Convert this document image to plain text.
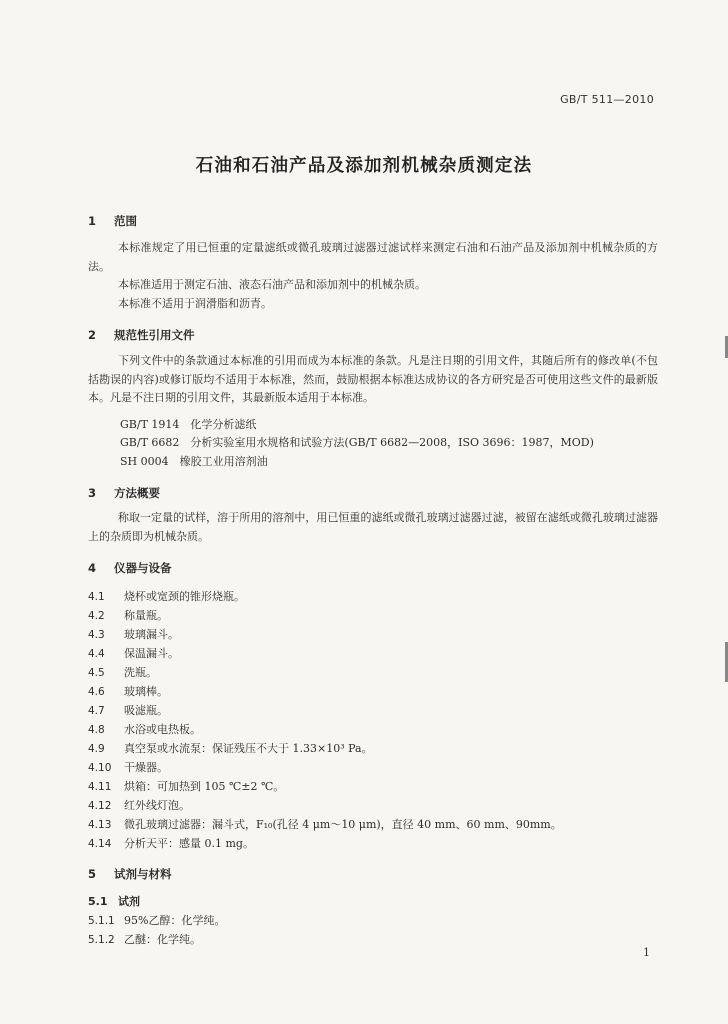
GB/T 511—2010
石油和石油产品及添加剂机械杂质测定法
1 范围
本标准规定了用已恒重的定量滤纸或微孔玻璃过滤器过滤试样来测定石油和石油产品及添加剂中机械杂质的方法。
本标准适用于测定石油、液态石油产品和添加剂中的机械杂质。
本标准不适用于润滑脂和沥青。
2 规范性引用文件
下列文件中的条款通过本标准的引用而成为本标准的条款。凡是注日期的引用文件，其随后所有的修改单(不包括勘误的内容)或修订版均不适用于本标准，然而，鼓励根据本标准达成协议的各方研究是否可使用这些文件的最新版本。凡是不注日期的引用文件，其最新版本适用于本标准。
GB/T 1914　化学分析滤纸
GB/T 6682　分析实验室用水规格和试验方法(GB/T 6682—2008，ISO 3696：1987，MOD)
SH 0004　橡胶工业用溶剂油
3 方法概要
称取一定量的试样，溶于所用的溶剂中，用已恒重的滤纸或微孔玻璃过滤器过滤，被留在滤纸或微孔玻璃过滤器上的杂质即为机械杂质。
4 仪器与设备
4.1 烧杯或宽颈的锥形烧瓶。
4.2 称量瓶。
4.3 玻璃漏斗。
4.4 保温漏斗。
4.5 洗瓶。
4.6 玻璃棒。
4.7 吸滤瓶。
4.8 水浴或电热板。
4.9 真空泵或水流泵：保证残压不大于 1.33×10³ Pa。
4.10 干燥器。
4.11 烘箱：可加热到 105 ℃±2 ℃。
4.12 红外线灯泡。
4.13 微孔玻璃过滤器：漏斗式，F₁₀(孔径 4 μm～10 μm)，直径 40 mm、60 mm、90mm。
4.14 分析天平：感量 0.1 mg。
5 试剂与材料
5.1 试剂
5.1.1 95%乙醇：化学纯。
5.1.2 乙醚：化学纯。
1
